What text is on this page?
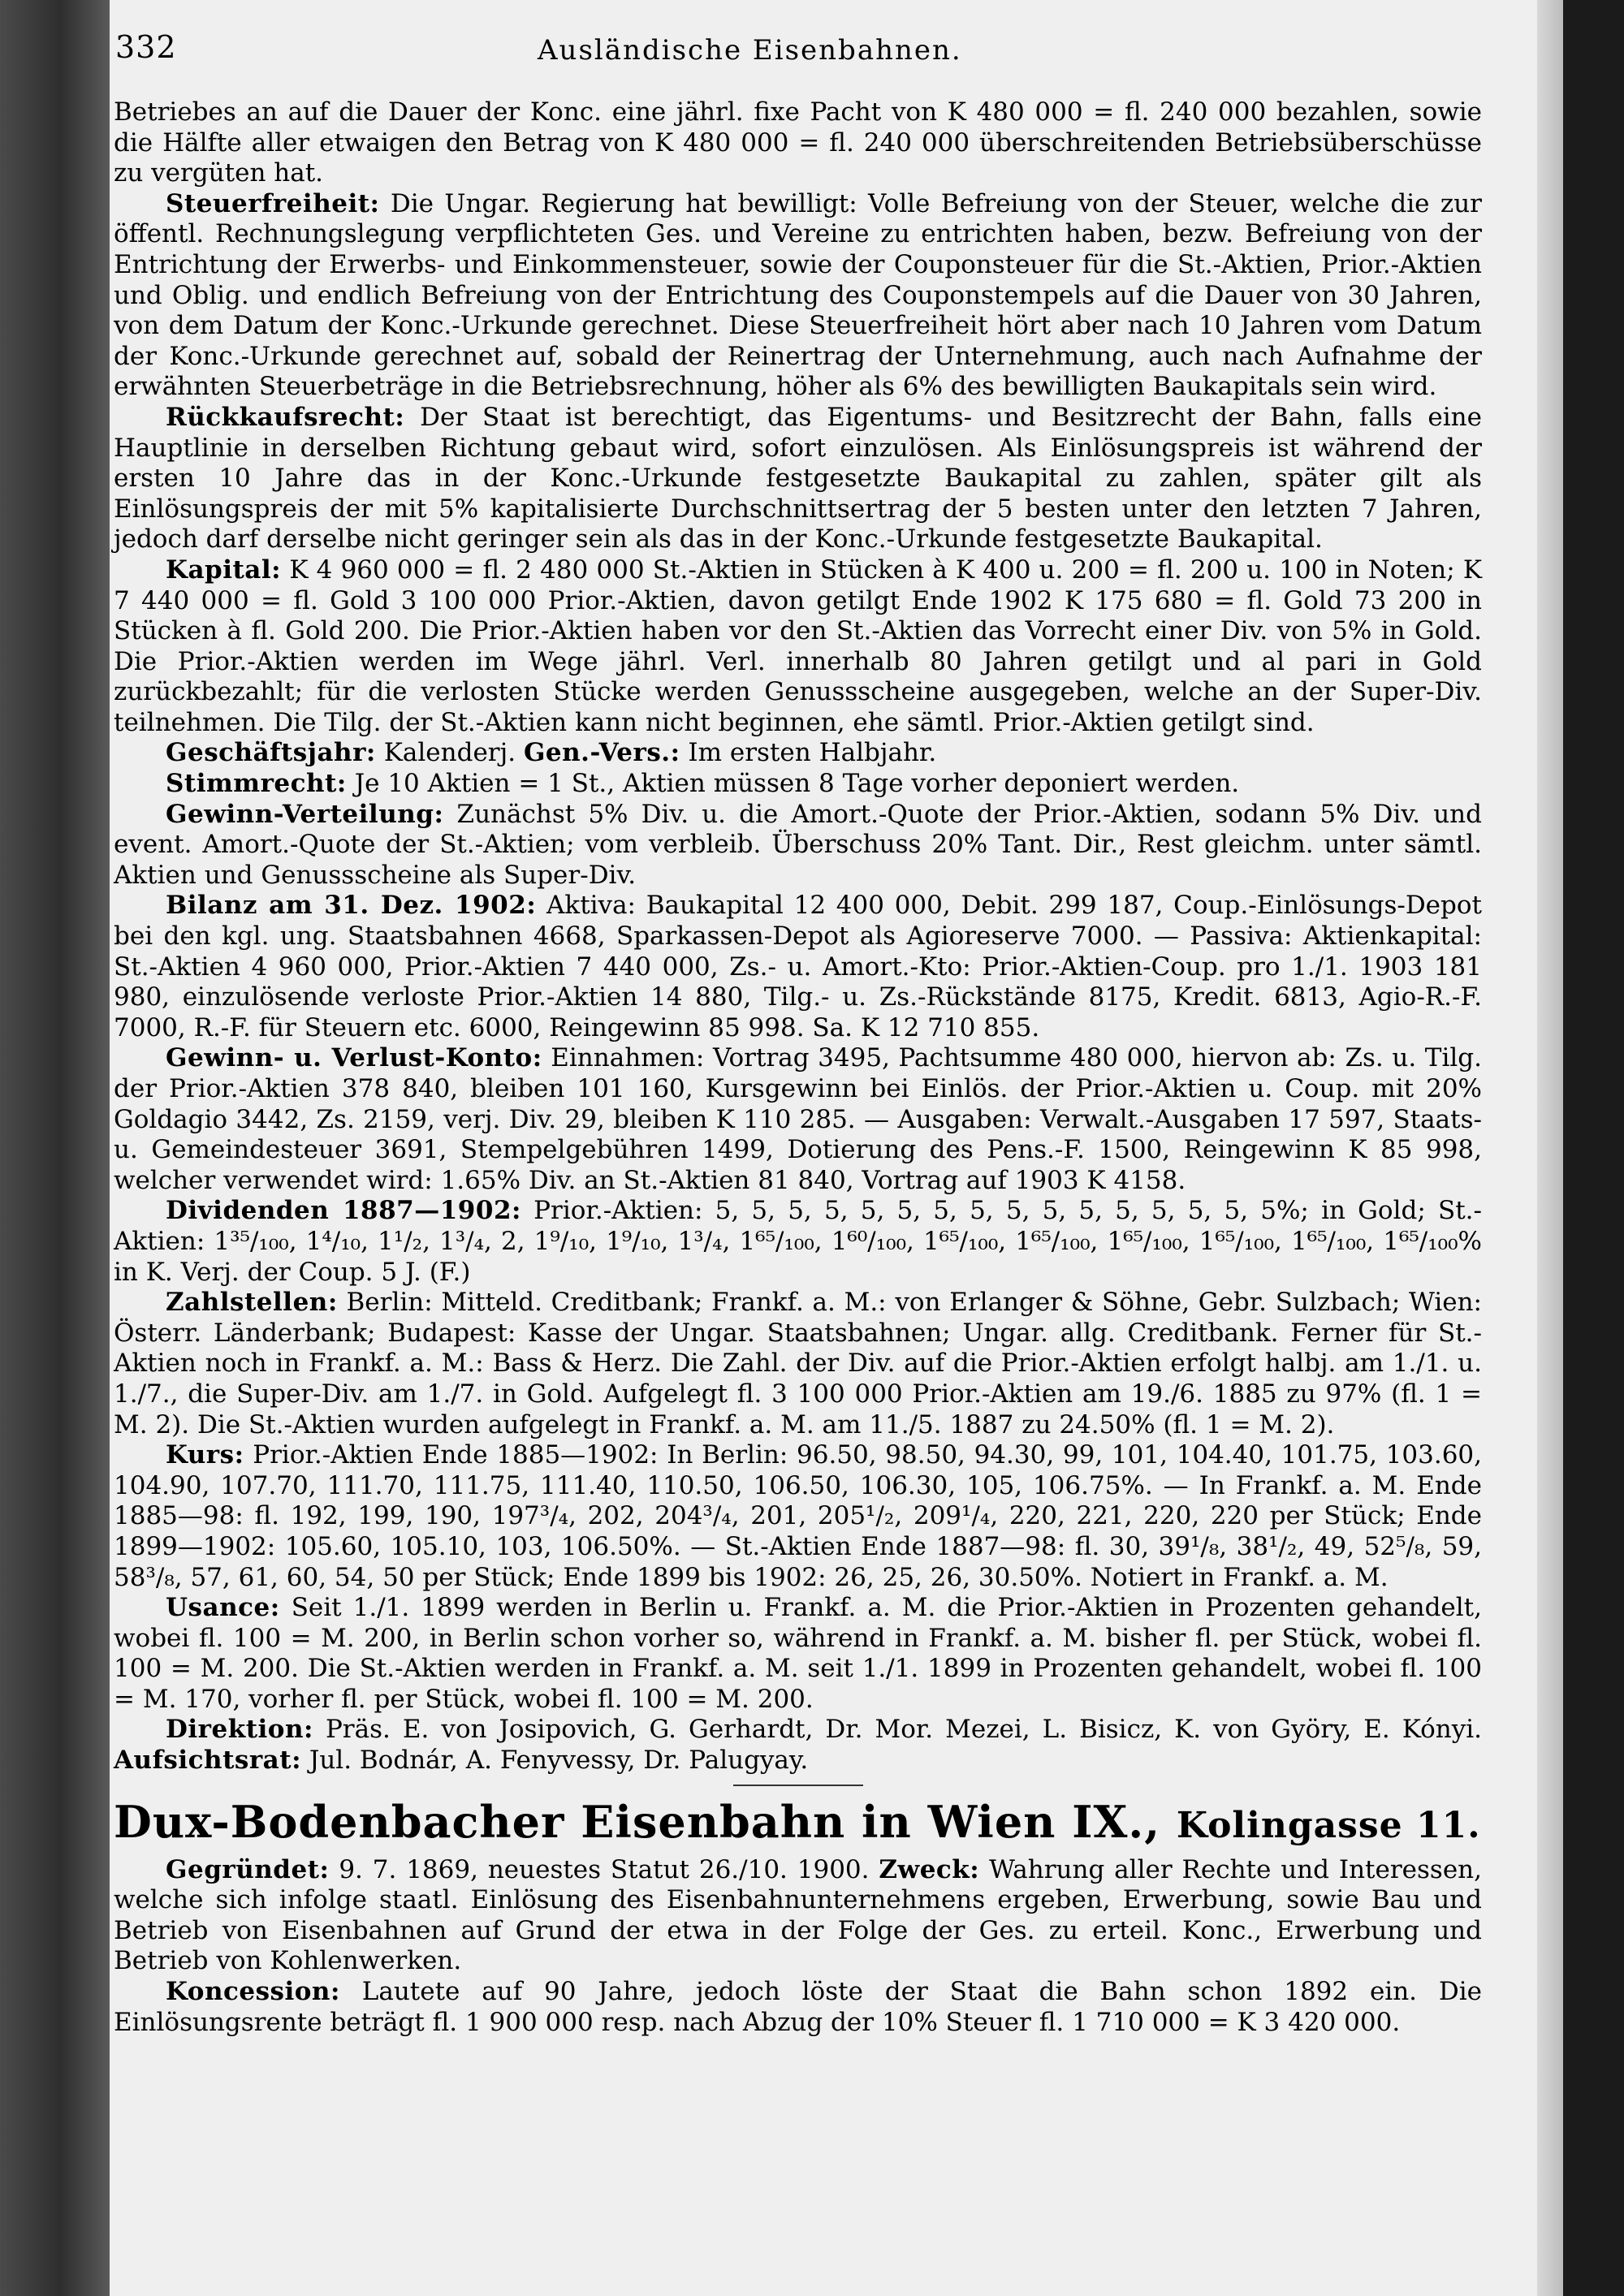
332	Ausländische Eisenbahnen.

Betriebes an auf die Dauer der Konc. eine jährl. fixe Pacht von K 480 000 = fl. 240 000 bezahlen, sowie die Hälfte aller etwaigen den Betrag von K 480 000 = fl. 240 000 überschreitenden Betriebsüberschüsse zu vergüten hat.

Steuerfreiheit: Die Ungar. Regierung hat bewilligt: Volle Befreiung von der Steuer, welche die zur öffentl. Rechnungslegung verpflichteten Ges. und Vereine zu entrichten haben, bezw. Befreiung von der Entrichtung der Erwerbs- und Einkommensteuer, sowie der Couponsteuer für die St.-Aktien, Prior.-Aktien und Oblig. und endlich Befreiung von der Entrichtung des Couponstempels auf die Dauer von 30 Jahren, von dem Datum der Konc.-Urkunde gerechnet. Diese Steuerfreiheit hört aber nach 10 Jahren vom Datum der Konc.-Urkunde gerechnet auf, sobald der Reinertrag der Unternehmung, auch nach Aufnahme der erwähnten Steuerbeträge in die Betriebsrechnung, höher als 6% des bewilligten Baukapitals sein wird.

Rückkaufsrecht: Der Staat ist berechtigt, das Eigentums- und Besitzrecht der Bahn, falls eine Hauptlinie in derselben Richtung gebaut wird, sofort einzulösen. Als Einlösungspreis ist während der ersten 10 Jahre das in der Konc.-Urkunde festgesetzte Baukapital zu zahlen, später gilt als Einlösungspreis der mit 5% kapitalisierte Durchschnittsertrag der 5 besten unter den letzten 7 Jahren, jedoch darf derselbe nicht geringer sein als das in der Konc.-Urkunde festgesetzte Baukapital.

Kapital: K 4 960 000 = fl. 2 480 000 St.-Aktien in Stücken à K 400 u. 200 = fl. 200 u. 100 in Noten; K 7 440 000 = fl. Gold 3 100 000 Prior.-Aktien, davon getilgt Ende 1902 K 175 680 = fl. Gold 73 200 in Stücken à fl. Gold 200. Die Prior.-Aktien haben vor den St.-Aktien das Vorrecht einer Div. von 5% in Gold. Die Prior.-Aktien werden im Wege jährl. Verl. innerhalb 80 Jahren getilgt und al pari in Gold zurückbezahlt; für die verlosten Stücke werden Genussscheine ausgegeben, welche an der Super-Div. teilnehmen. Die Tilg. der St.-Aktien kann nicht beginnen, ehe sämtl. Prior.-Aktien getilgt sind.

Geschäftsjahr: Kalenderj. Gen.-Vers.: Im ersten Halbjahr.

Stimmrecht: Je 10 Aktien = 1 St., Aktien müssen 8 Tage vorher deponiert werden.

Gewinn-Verteilung: Zunächst 5% Div. u. die Amort.-Quote der Prior.-Aktien, sodann 5% Div. und event. Amort.-Quote der St.-Aktien; vom verbleib. Überschuss 20% Tant. Dir., Rest gleichm. unter sämtl. Aktien und Genussscheine als Super-Div.

Bilanz am 31. Dez. 1902: Aktiva: Baukapital 12 400 000, Debit. 299 187, Coup.-Einlösungs-Depot bei den kgl. ung. Staatsbahnen 4668, Sparkassen-Depot als Agioreserve 7000. — Passiva: Aktienkapital: St.-Aktien 4 960 000, Prior.-Aktien 7 440 000, Zs.- u. Amort.-Kto: Prior.-Aktien-Coup. pro 1./1. 1903 181 980, einzulösende verloste Prior.-Aktien 14 880, Tilg.- u. Zs.-Rückstände 8175, Kredit. 6813, Agio-R.-F. 7000, R.-F. für Steuern etc. 6000, Reingewinn 85 998. Sa. K 12 710 855.

Gewinn- u. Verlust-Konto: Einnahmen: Vortrag 3495, Pachtsumme 480 000, hiervon ab: Zs. u. Tilg. der Prior.-Aktien 378 840, bleiben 101 160, Kursgewinn bei Einlös. der Prior.-Aktien u. Coup. mit 20% Goldagio 3442, Zs. 2159, verj. Div. 29, bleiben K 110 285. — Ausgaben: Verwalt.-Ausgaben 17 597, Staats- u. Gemeindesteuer 3691, Stempelgebühren 1499, Dotierung des Pens.-F. 1500, Reingewinn K 85 998, welcher verwendet wird: 1.65% Div. an St.-Aktien 81 840, Vortrag auf 1903 K 4158.

Dividenden 1887—1902: Prior.-Aktien: 5, 5, 5, 5, 5, 5, 5, 5, 5, 5, 5, 5, 5, 5, 5, 5%; in Gold; St.-Aktien: 1³⁵/₁₀₀, 1⁴/₁₀, 1¹/₂, 1³/₄, 2, 1⁹/₁₀, 1⁹/₁₀, 1³/₄, 1⁶⁵/₁₀₀, 1⁶⁰/₁₀₀, 1⁶⁵/₁₀₀, 1⁶⁵/₁₀₀, 1⁶⁵/₁₀₀, 1⁶⁵/₁₀₀, 1⁶⁵/₁₀₀, 1⁶⁵/₁₀₀% in K. Verj. der Coup. 5 J. (F.)

Zahlstellen: Berlin: Mitteld. Creditbank; Frankf. a. M.: von Erlanger & Söhne, Gebr. Sulzbach; Wien: Österr. Länderbank; Budapest: Kasse der Ungar. Staatsbahnen; Ungar. allg. Creditbank. Ferner für St.-Aktien noch in Frankf. a. M.: Bass & Herz. Die Zahl. der Div. auf die Prior.-Aktien erfolgt halbj. am 1./1. u. 1./7., die Super-Div. am 1./7. in Gold. Aufgelegt fl. 3 100 000 Prior.-Aktien am 19./6. 1885 zu 97% (fl. 1 = M. 2). Die St.-Aktien wurden aufgelegt in Frankf. a. M. am 11./5. 1887 zu 24.50% (fl. 1 = M. 2).

Kurs: Prior.-Aktien Ende 1885—1902: In Berlin: 96.50, 98.50, 94.30, 99, 101, 104.40, 101.75, 103.60, 104.90, 107.70, 111.70, 111.75, 111.40, 110.50, 106.50, 106.30, 105, 106.75%. — In Frankf. a. M. Ende 1885—98: fl. 192, 199, 190, 197³/₄, 202, 204³/₄, 201, 205¹/₂, 209¹/₄, 220, 221, 220, 220 per Stück; Ende 1899—1902: 105.60, 105.10, 103, 106.50%. — St.-Aktien Ende 1887—98: fl. 30, 39¹/₈, 38¹/₂, 49, 52⁵/₈, 59, 58³/₈, 57, 61, 60, 54, 50 per Stück; Ende 1899 bis 1902: 26, 25, 26, 30.50%. Notiert in Frankf. a. M.

Usance: Seit 1./1. 1899 werden in Berlin u. Frankf. a. M. die Prior.-Aktien in Prozenten gehandelt, wobei fl. 100 = M. 200, in Berlin schon vorher so, während in Frankf. a. M. bisher fl. per Stück, wobei fl. 100 = M. 200. Die St.-Aktien werden in Frankf. a. M. seit 1./1. 1899 in Prozenten gehandelt, wobei fl. 100 = M. 170, vorher fl. per Stück, wobei fl. 100 = M. 200.

Direktion: Präs. E. von Josipovich, G. Gerhardt, Dr. Mor. Mezei, L. Bisicz, K. von Györy, E. Kónyi. Aufsichtsrat: Jul. Bodnár, A. Fenyvessy, Dr. Palugyay.

Dux-Bodenbacher Eisenbahn in Wien IX., Kolingasse 11.

Gegründet: 9. 7. 1869, neuestes Statut 26./10. 1900. Zweck: Wahrung aller Rechte und Interessen, welche sich infolge staatl. Einlösung des Eisenbahnunternehmens ergeben, Erwerbung, sowie Bau und Betrieb von Eisenbahnen auf Grund der etwa in der Folge der Ges. zu erteil. Konc., Erwerbung und Betrieb von Kohlenwerken.

Koncession: Lautete auf 90 Jahre, jedoch löste der Staat die Bahn schon 1892 ein. Die Einlösungsrente beträgt fl. 1 900 000 resp. nach Abzug der 10% Steuer fl. 1 710 000 = K 3 420 000.
